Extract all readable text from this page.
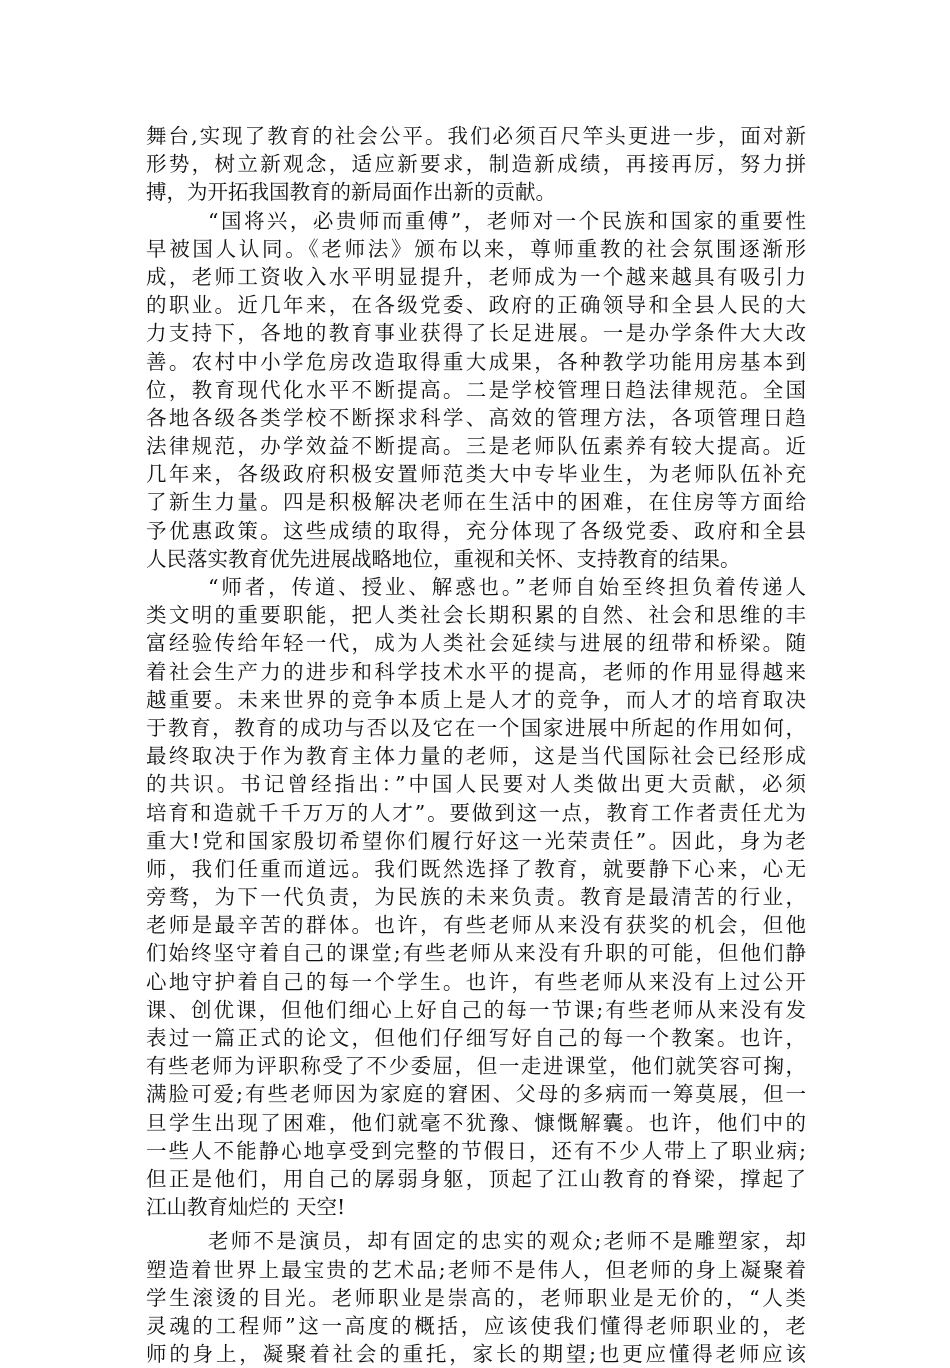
舞台,实现了教育的社会公平。我们必须百尺竿头更进一步，面对新
形势，树立新观念，适应新要求，制造新成绩，再接再厉，努力拼
搏，为开拓我国教育的新局面作出新的贡献。
“国将兴，必贵师而重傅”，老师对一个民族和国家的重要性
早被国人认同。《老师法》颁布以来，尊师重教的社会氛围逐渐形
成，老师工资收入水平明显提升，老师成为一个越来越具有吸引力
的职业。近几年来，在各级党委、政府的正确领导和全县人民的大
力支持下，各地的教育事业获得了长足进展。一是办学条件大大改
善。农村中小学危房改造取得重大成果，各种教学功能用房基本到
位，教育现代化水平不断提高。二是学校管理日趋法律规范。全国
各地各级各类学校不断探求科学、高效的管理方法，各项管理日趋
法律规范，办学效益不断提高。三是老师队伍素养有较大提高。近
几年来，各级政府积极安置师范类大中专毕业生，为老师队伍补充
了新生力量。四是积极解决老师在生活中的困难，在住房等方面给
予优惠政策。这些成绩的取得，充分体现了各级党委、政府和全县
人民落实教育优先进展战略地位，重视和关怀、支持教育的结果。
“师者，传道、授业、解惑也。”老师自始至终担负着传递人
类文明的重要职能，把人类社会长期积累的自然、社会和思维的丰
富经验传给年轻一代，成为人类社会延续与进展的纽带和桥梁。随
着社会生产力的进步和科学技术水平的提高，老师的作用显得越来
越重要。未来世界的竞争本质上是人才的竞争，而人才的培育取决
于教育，教育的成功与否以及它在一个国家进展中所起的作用如何，
最终取决于作为教育主体力量的老师，这是当代国际社会已经形成
的共识。书记曾经指出：”中国人民要对人类做出更大贡献，必须
培育和造就千千万万的人才”。要做到这一点，教育工作者责任尤为
重大!党和国家殷切希望你们履行好这一光荣责任”。因此，身为老
师，我们任重而道远。我们既然选择了教育，就要静下心来，心无
旁骛，为下一代负责，为民族的未来负责。教育是最清苦的行业，
老师是最辛苦的群体。也许，有些老师从来没有获奖的机会，但他
们始终坚守着自己的课堂;有些老师从来没有升职的可能，但他们静
心地守护着自己的每一个学生。也许，有些老师从来没有上过公开
课、创优课，但他们细心上好自己的每一节课;有些老师从来没有发
表过一篇正式的论文，但他们仔细写好自己的每一个教案。也许，
有些老师为评职称受了不少委屈，但一走进课堂，他们就笑容可掬，
满脸可爱;有些老师因为家庭的窘困、父母的多病而一筹莫展，但一
旦学生出现了困难，他们就毫不犹豫、慷慨解囊。也许，他们中的
一些人不能静心地享受到完整的节假日，还有不少人带上了职业病;
但正是他们，用自己的孱弱身躯，顶起了江山教育的脊梁，撑起了
江山教育灿烂的 天空!
老师不是演员，却有固定的忠实的观众;老师不是雕塑家，却
塑造着世界上最宝贵的艺术品;老师不是伟人，但老师的身上凝聚着
学生滚烫的目光。老师职业是崇高的，老师职业是无价的，“人类
灵魂的工程师”这一高度的概括，应该使我们懂得老师职业的，老
师的身上，凝聚着社会的重托，家长的期望;也更应懂得老师应该
